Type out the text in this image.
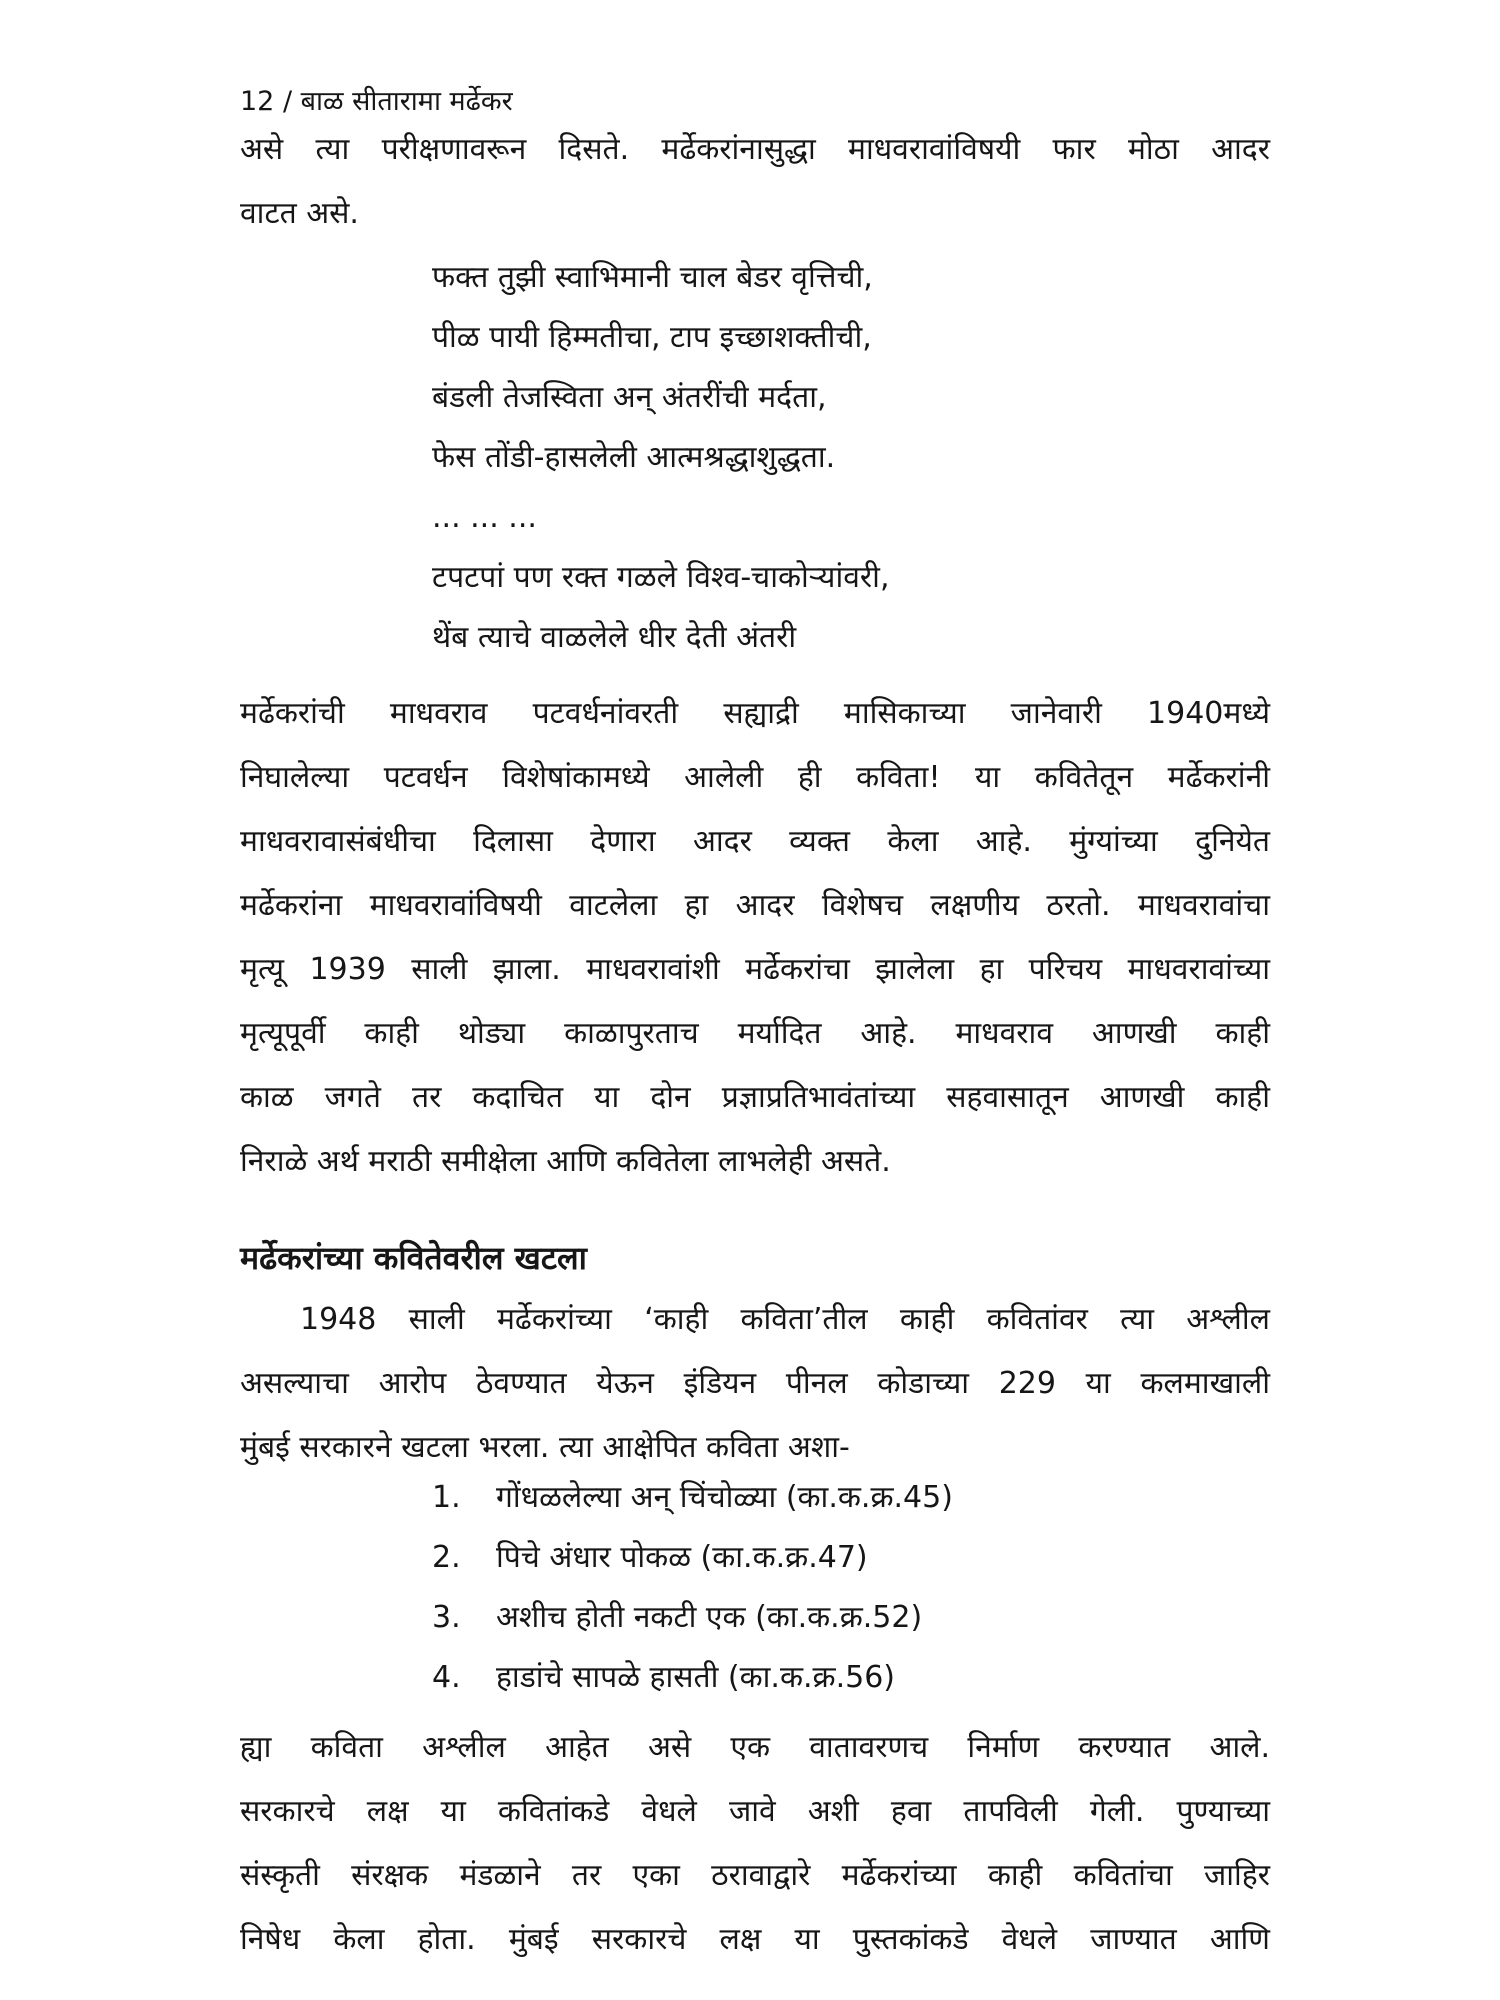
12 / बाळ सीतारामा मर्ढेकर

असे त्या परीक्षणावरून दिसते. मर्ढेकरांनासुद्धा माधवरावांविषयी फार मोठा आदर

वाटत असे.

फक्त तुझी स्वाभिमानी चाल बेडर वृत्तिची,
पीळ पायी हिम्मतीचा, टाप इच्छाशक्तीची,
बंडली तेजस्विता अन् अंतरींची मर्दता,
फेस तोंडी-हासलेली आत्मश्रद्धाशुद्धता.
... ... ...
टपटपां पण रक्त गळले विश्व-चाकोऱ्यांवरी,
थेंब त्याचे वाळलेले धीर देती अंतरी

मर्ढेकरांची माधवराव पटवर्धनांवरती सह्याद्री मासिकाच्या जानेवारी 1940मध्ये

निघालेल्या पटवर्धन विशेषांकामध्ये आलेली ही कविता! या कवितेतून मर्ढेकरांनी

माधवरावासंबंधीचा दिलासा देणारा आदर व्यक्त केला आहे. मुंग्यांच्या दुनियेत

मर्ढेकरांना माधवरावांविषयी वाटलेला हा आदर विशेषच लक्षणीय ठरतो. माधवरावांचा

मृत्यू 1939 साली झाला. माधवरावांशी मर्ढेकरांचा झालेला हा परिचय माधवरावांच्या

मृत्यूपूर्वी काही थोड्या काळापुरताच मर्यादित आहे. माधवराव आणखी काही

काळ जगते तर कदाचित या दोन प्रज्ञाप्रतिभावंतांच्या सहवासातून आणखी काही

निराळे अर्थ मराठी समीक्षेला आणि कवितेला लाभलेही असते.

मर्ढेकरांच्या कवितेवरील खटला

1948 साली मर्ढेकरांच्या ‘काही कविता’तील काही कवितांवर त्या अश्लील

असल्याचा आरोप ठेवण्यात येऊन इंडियन पीनल कोडाच्या 229 या कलमाखाली

मुंबई सरकारने खटला भरला. त्या आक्षेपित कविता अशा-

1. गोंधळलेल्या अन् चिंचोळ्या (का.क.क्र.45)
2. पिचे अंधार पोकळ (का.क.क्र.47)
3. अशीच होती नकटी एक (का.क.क्र.52)
4. हाडांचे सापळे हासती (का.क.क्र.56)

ह्या कविता अश्लील आहेत असे एक वातावरणच निर्माण करण्यात आले.

सरकारचे लक्ष या कवितांकडे वेधले जावे अशी हवा तापविली गेली. पुण्याच्या

संस्कृती संरक्षक मंडळाने तर एका ठरावाद्वारे मर्ढेकरांच्या काही कवितांचा जाहिर

निषेध केला होता. मुंबई सरकारचे लक्ष या पुस्तकांकडे वेधले जाण्यात आणि
